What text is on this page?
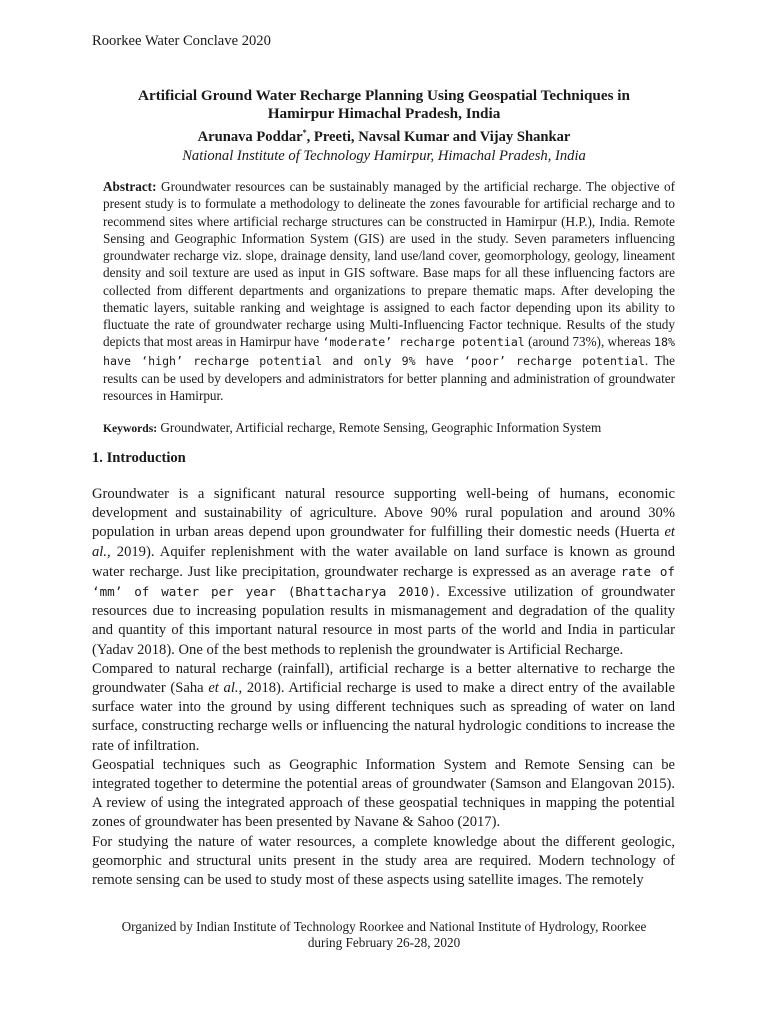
Roorkee Water Conclave 2020
Artificial Ground Water Recharge Planning Using Geospatial Techniques in
Hamirpur Himachal Pradesh, India
Arunava Poddar*, Preeti, Navsal Kumar and Vijay Shankar
National Institute of Technology Hamirpur, Himachal Pradesh, India
Abstract: Groundwater resources can be sustainably managed by the artificial recharge. The objective of present study is to formulate a methodology to delineate the zones favourable for artificial recharge and to recommend sites where artificial recharge structures can be constructed in Hamirpur (H.P.), India. Remote Sensing and Geographic Information System (GIS) are used in the study. Seven parameters influencing groundwater recharge viz. slope, drainage density, land use/land cover, geomorphology, geology, lineament density and soil texture are used as input in GIS software. Base maps for all these influencing factors are collected from different departments and organizations to prepare thematic maps. After developing the thematic layers, suitable ranking and weightage is assigned to each factor depending upon its ability to fluctuate the rate of groundwater recharge using Multi-Influencing Factor technique. Results of the study depicts that most areas in Hamirpur have ‘moderate’ recharge potential (around 73%), whereas 18% have ‘high’ recharge potential and only 9% have ‘poor’ recharge potential. The results can be used by developers and administrators for better planning and administration of groundwater resources in Hamirpur.
Keywords: Groundwater, Artificial recharge, Remote Sensing, Geographic Information System
1. Introduction

Groundwater is a significant natural resource supporting well-being of humans, economic development and sustainability of agriculture. Above 90% rural population and around 30% population in urban areas depend upon groundwater for fulfilling their domestic needs (Huerta et al., 2019). Aquifer replenishment with the water available on land surface is known as ground water recharge. Just like precipitation, groundwater recharge is expressed as an average rate of ‘mm’ of water per year (Bhattacharya 2010). Excessive utilization of groundwater resources due to increasing population results in mismanagement and degradation of the quality and quantity of this important natural resource in most parts of the world and India in particular (Yadav 2018). One of the best methods to replenish the groundwater is Artificial Recharge.

Compared to natural recharge (rainfall), artificial recharge is a better alternative to recharge the groundwater (Saha et al., 2018). Artificial recharge is used to make a direct entry of the available surface water into the ground by using different techniques such as spreading of water on land surface, constructing recharge wells or influencing the natural hydrologic conditions to increase the rate of infiltration.

Geospatial techniques such as Geographic Information System and Remote Sensing can be integrated together to determine the potential areas of groundwater (Samson and Elangovan 2015). A review of using the integrated approach of these geospatial techniques in mapping the potential zones of groundwater has been presented by Navane & Sahoo (2017).

For studying the nature of water resources, a complete knowledge about the different geologic, geomorphic and structural units present in the study area are required. Modern technology of remote sensing can be used to study most of these aspects using satellite images. The remotely

Organized by Indian Institute of Technology Roorkee and National Institute of Hydrology, Roorkee
during February 26-28, 2020
